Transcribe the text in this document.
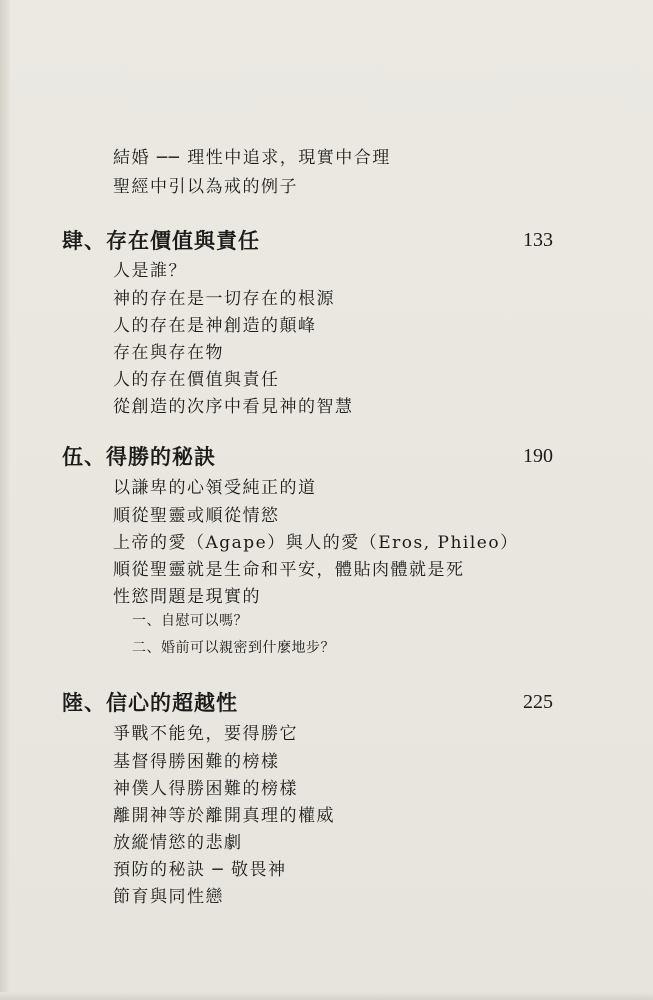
結婚 ── 理性中追求，現實中合理
聖經中引以為戒的例子
肆、存在價值與責任	133
人是誰？
神的存在是一切存在的根源
人的存在是神創造的顛峰
存在與存在物
人的存在價值與責任
從創造的次序中看見神的智慧
伍、得勝的秘訣	190
以謙卑的心領受純正的道
順從聖靈或順從情慾
上帝的愛（Agape）與人的愛（Eros, Phileo）
順從聖靈就是生命和平安，體貼肉體就是死
性慾問題是現實的
一、自慰可以嗎？
二、婚前可以親密到什麼地步？
陸、信心的超越性	225
爭戰不能免，要得勝它
基督得勝困難的榜樣
神僕人得勝困難的榜樣
離開神等於離開真理的權威
放縱情慾的悲劇
預防的秘訣 ─ 敬畏神
節育與同性戀
